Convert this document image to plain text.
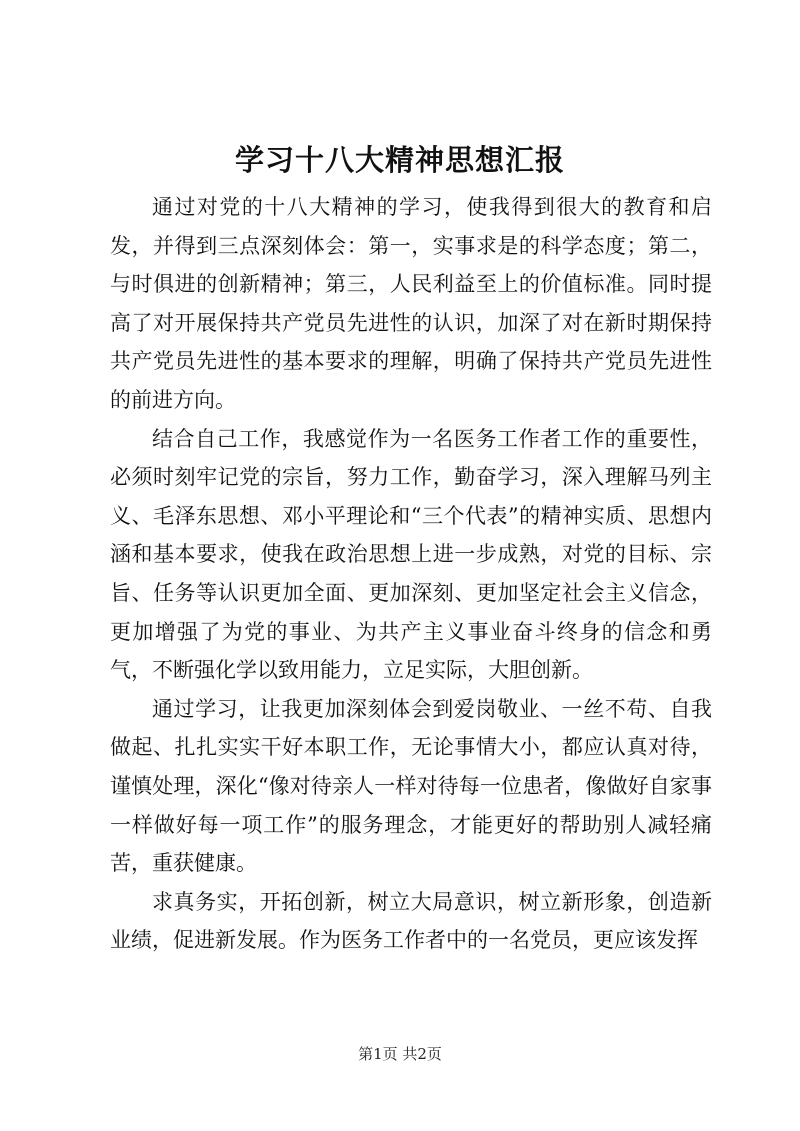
学习十八大精神思想汇报

通过对党的十八大精神的学习，使我得到很大的教育和启发，并得到三点深刻体会：第一，实事求是的科学态度；第二，与时俱进的创新精神；第三，人民利益至上的价值标准。同时提高了对开展保持共产党员先进性的认识，加深了对在新时期保持共产党员先进性的基本要求的理解，明确了保持共产党员先进性的前进方向。

结合自己工作，我感觉作为一名医务工作者工作的重要性，必须时刻牢记党的宗旨，努力工作，勤奋学习，深入理解马列主义、毛泽东思想、邓小平理论和“三个代表”的精神实质、思想内涵和基本要求，使我在政治思想上进一步成熟，对党的目标、宗旨、任务等认识更加全面、更加深刻、更加坚定社会主义信念，更加增强了为党的事业、为共产主义事业奋斗终身的信念和勇气，不断强化学以致用能力，立足实际，大胆创新。

通过学习，让我更加深刻体会到爱岗敬业、一丝不苟、自我做起、扎扎实实干好本职工作，无论事情大小，都应认真对待，谨慎处理，深化“像对待亲人一样对待每一位患者，像做好自家事一样做好每一项工作”的服务理念，才能更好的帮助别人减轻痛苦，重获健康。

求真务实，开拓创新，树立大局意识，树立新形象，创造新业绩，促进新发展。作为医务工作者中的一名党员，更应该发挥

第1页 共2页
